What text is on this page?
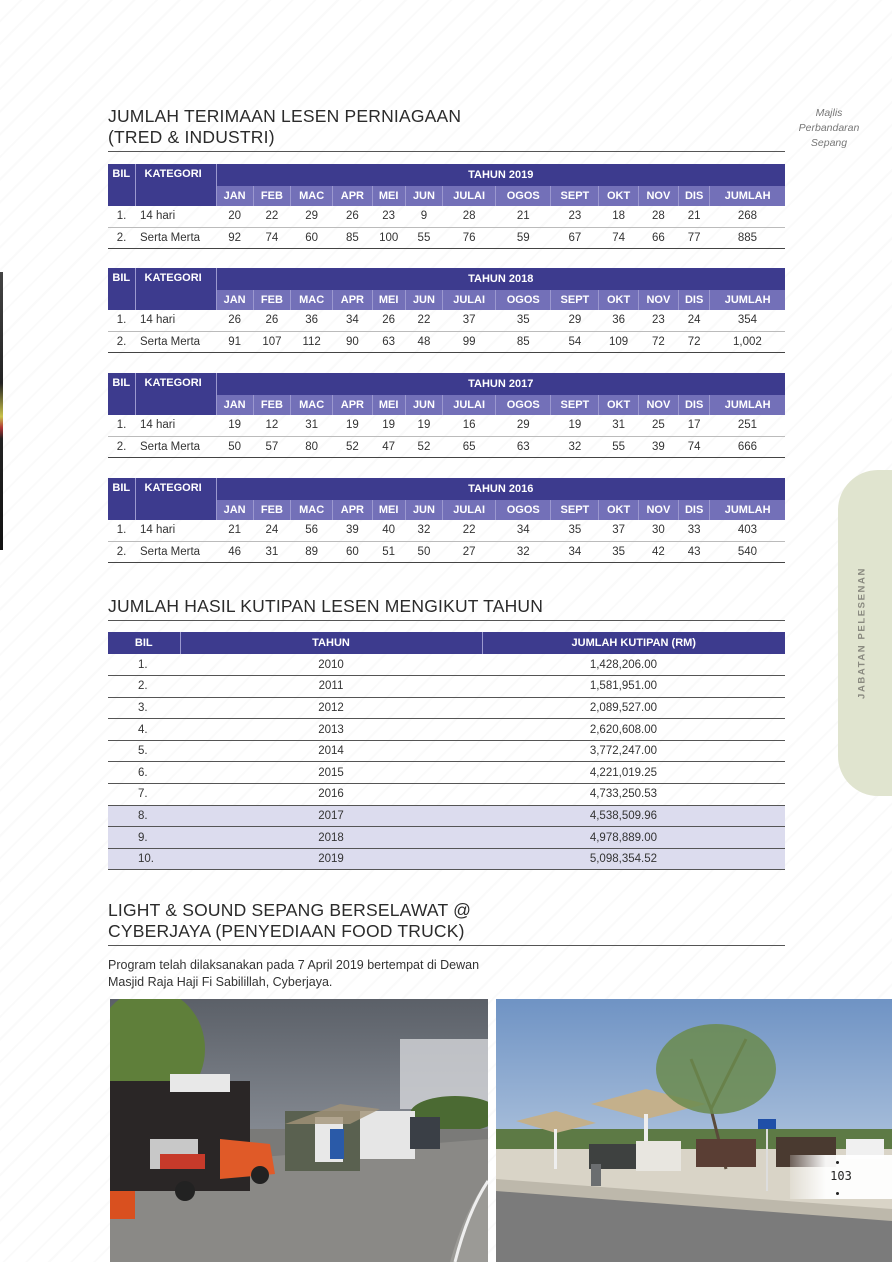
Majlis
Perbandaran
Sepang
JABATAN PELESENAN
JUMLAH TERIMAAN LESEN PERNIAGAAN
(TRED & INDUSTRI)
BIL	KATEGORI	TAHUN 2019												
		JAN	FEB	MAC	APR	MEI	JUN	JULAI	OGOS	SEPT	OKT	NOV	DIS	JUMLAH
1.	14 hari	20	22	29	26	23	9	28	21	23	18	28	21	268
2.	Serta Merta	92	74	60	85	100	55	76	59	67	74	66	77	885
BIL	KATEGORI	TAHUN 2018												
		JAN	FEB	MAC	APR	MEI	JUN	JULAI	OGOS	SEPT	OKT	NOV	DIS	JUMLAH
1.	14 hari	26	26	36	34	26	22	37	35	29	36	23	24	354
2.	Serta Merta	91	107	112	90	63	48	99	85	54	109	72	72	1,002
BIL	KATEGORI	TAHUN 2017												
		JAN	FEB	MAC	APR	MEI	JUN	JULAI	OGOS	SEPT	OKT	NOV	DIS	JUMLAH
1.	14 hari	19	12	31	19	19	19	16	29	19	31	25	17	251
2.	Serta Merta	50	57	80	52	47	52	65	63	32	55	39	74	666
BIL	KATEGORI	TAHUN 2016												
		JAN	FEB	MAC	APR	MEI	JUN	JULAI	OGOS	SEPT	OKT	NOV	DIS	JUMLAH
1.	14 hari	21	24	56	39	40	32	22	34	35	37	30	33	403
2.	Serta Merta	46	31	89	60	51	50	27	32	34	35	42	43	540
JUMLAH HASIL KUTIPAN LESEN MENGIKUT TAHUN
BIL	TAHUN	JUMLAH KUTIPAN (RM)
1.	2010	1,428,206.00
2.	2011	1,581,951.00
3.	2012	2,089,527.00
4.	2013	2,620,608.00
5.	2014	3,772,247.00
6.	2015	4,221,019.25
7.	2016	4,733,250.53
8.	2017	4,538,509.96
9.	2018	4,978,889.00
10.	2019	5,098,354.52
LIGHT & SOUND SEPANG BERSELAWAT @
CYBERJAYA (PENYEDIAAN FOOD TRUCK)
Program telah dilaksanakan pada 7 April 2019 bertempat di Dewan
Masjid Raja Haji Fi Sabilillah, Cyberjaya.
103
